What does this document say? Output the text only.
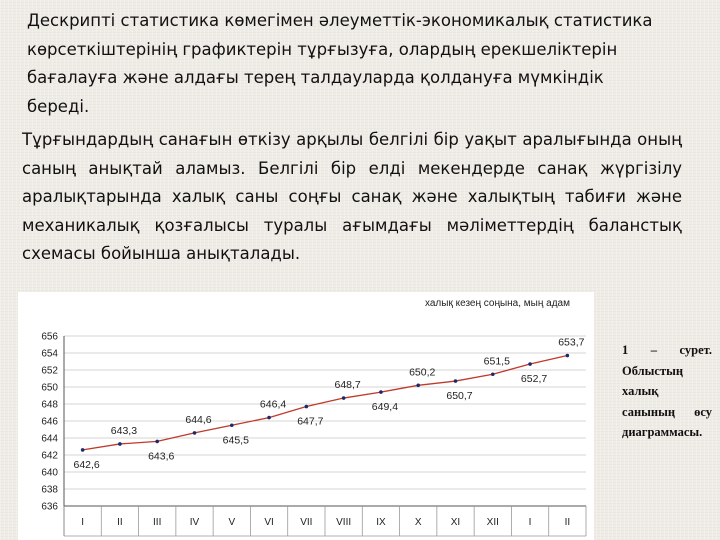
Дескрипті статистика көмегімен әлеуметтік-экономикалық статистика көрсеткіштерінің графиктерін тұрғызуға, олардың ерекшеліктерін бағалауға және алдағы терең талдауларда қолдануға мүмкіндік береді.

Тұрғындардың санағын өткізу арқылы белгілі бір уақыт аралығында оның саның анықтай аламыз. Белгілі бір елді мекендерде санақ жүргізілу аралықтарында халық саны соңғы санақ және халықтың табиғи және механикалық қозғалысы туралы ағымдағы мәліметтердің баланстық схемасы бойынша анықталады.

халық кезең соңына, мың адам
636
638
640
642
644
646
648
650
652
654
656
I	II	III	IV	V	VI	VII VIII	IX	X	XI	XII	I	II
642,6
643,3
643,6
644,6
645,5
646,4
647,7
648,7
649,4
650,2
650,7
651,5
652,7
653,7

1 – сурет. Облыстың халық санының өсу диаграммасы.
